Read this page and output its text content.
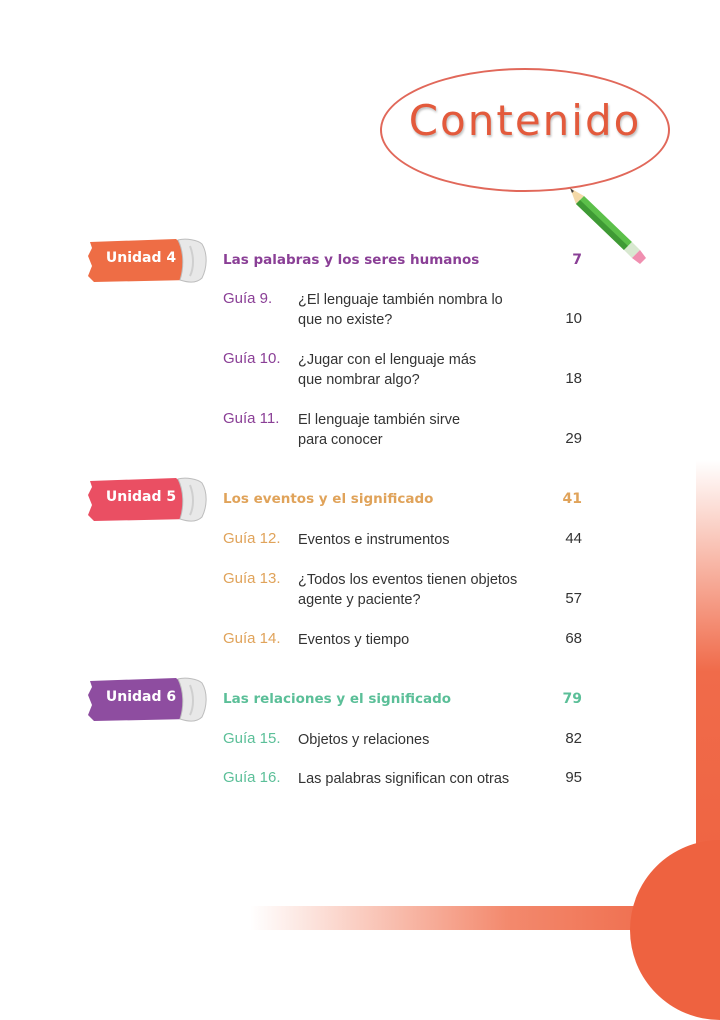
Contenido
Unidad 4	Las palabras y los seres humanos	7
Guía 9. ¿El lenguaje también nombra lo
que no existe?	10
Guía 10. ¿Jugar con el lenguaje más
que nombrar algo?	18
Guía 11. El lenguaje también sirve
para conocer	29
Unidad 5	Los eventos y el significado	41
Guía 12. Eventos e instrumentos	44
Guía 13. ¿Todos los eventos tienen objetos
agente y paciente?	57
Guía 14. Eventos y tiempo	68
Unidad 6	Las relaciones y el significado	79
Guía 15. Objetos y relaciones	82
Guía 16. Las palabras significan con otras	95
